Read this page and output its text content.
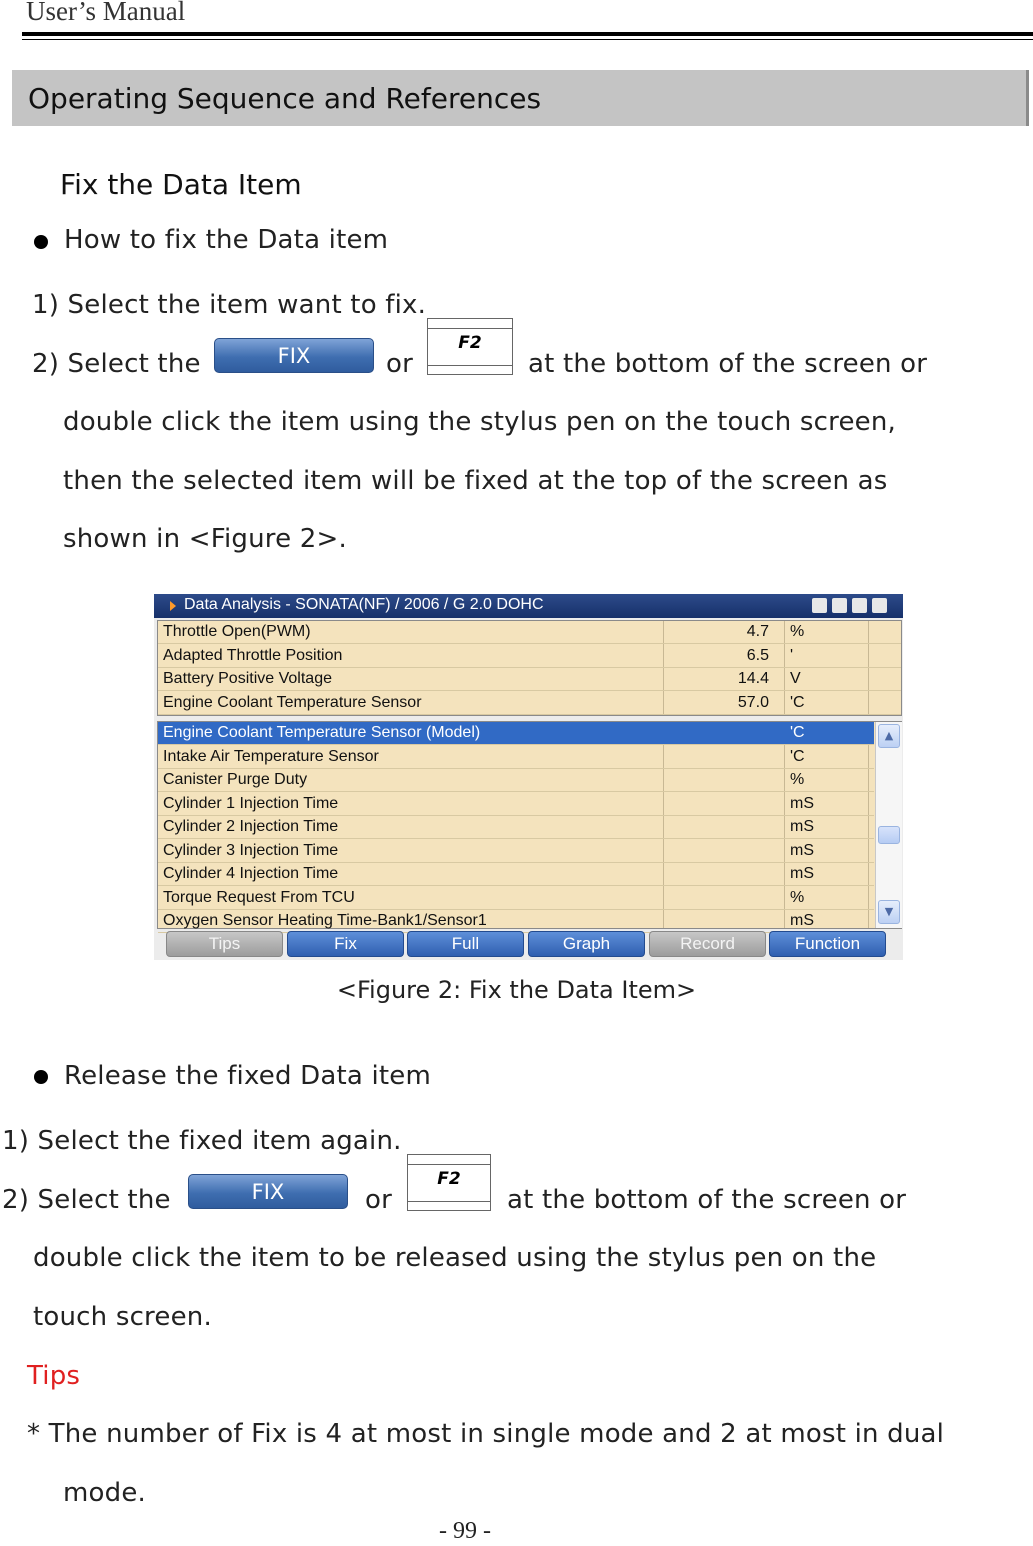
User’s Manual
Operating Sequence and References
Fix the Data Item
How to fix the Data item
1) Select the item want to fix.
2) Select the	FIX	or
F2
at the bottom of the screen or
double click the item using the stylus pen on the touch screen,
then the selected item will be fixed at the top of the screen as
shown in <Figure 2>.
Data Analysis - SONATA(NF) / 2006 / G 2.0 DOHC
Throttle Open(PWM)	4.7 %
Adapted Throttle Position	6.5 '
Battery Positive Voltage	14.4 V
Engine Coolant Temperature Sensor	57.0 'C
▲
▼
Engine Coolant Temperature Sensor (Model)	'C
Intake Air Temperature Sensor	'C
Canister Purge Duty	%
Cylinder 1 Injection Time	mS
Cylinder 2 Injection Time	mS
Cylinder 3 Injection Time	mS
Cylinder 4 Injection Time	mS
Torque Request From TCU	%
Oxygen Sensor Heating Time-Bank1/Sensor1	mS
Tips	Fix	Full	Graph	Record	Function
<Figure 2: Fix the Data Item>
Release the fixed Data item
1) Select the fixed item again.
2) Select the	FIX	or
F2
at the bottom of the screen or
double click the item to be released using the stylus pen on the
touch screen.
Tips
* The number of Fix is 4 at most in single mode and 2 at most in dual
mode.
- 99 -
